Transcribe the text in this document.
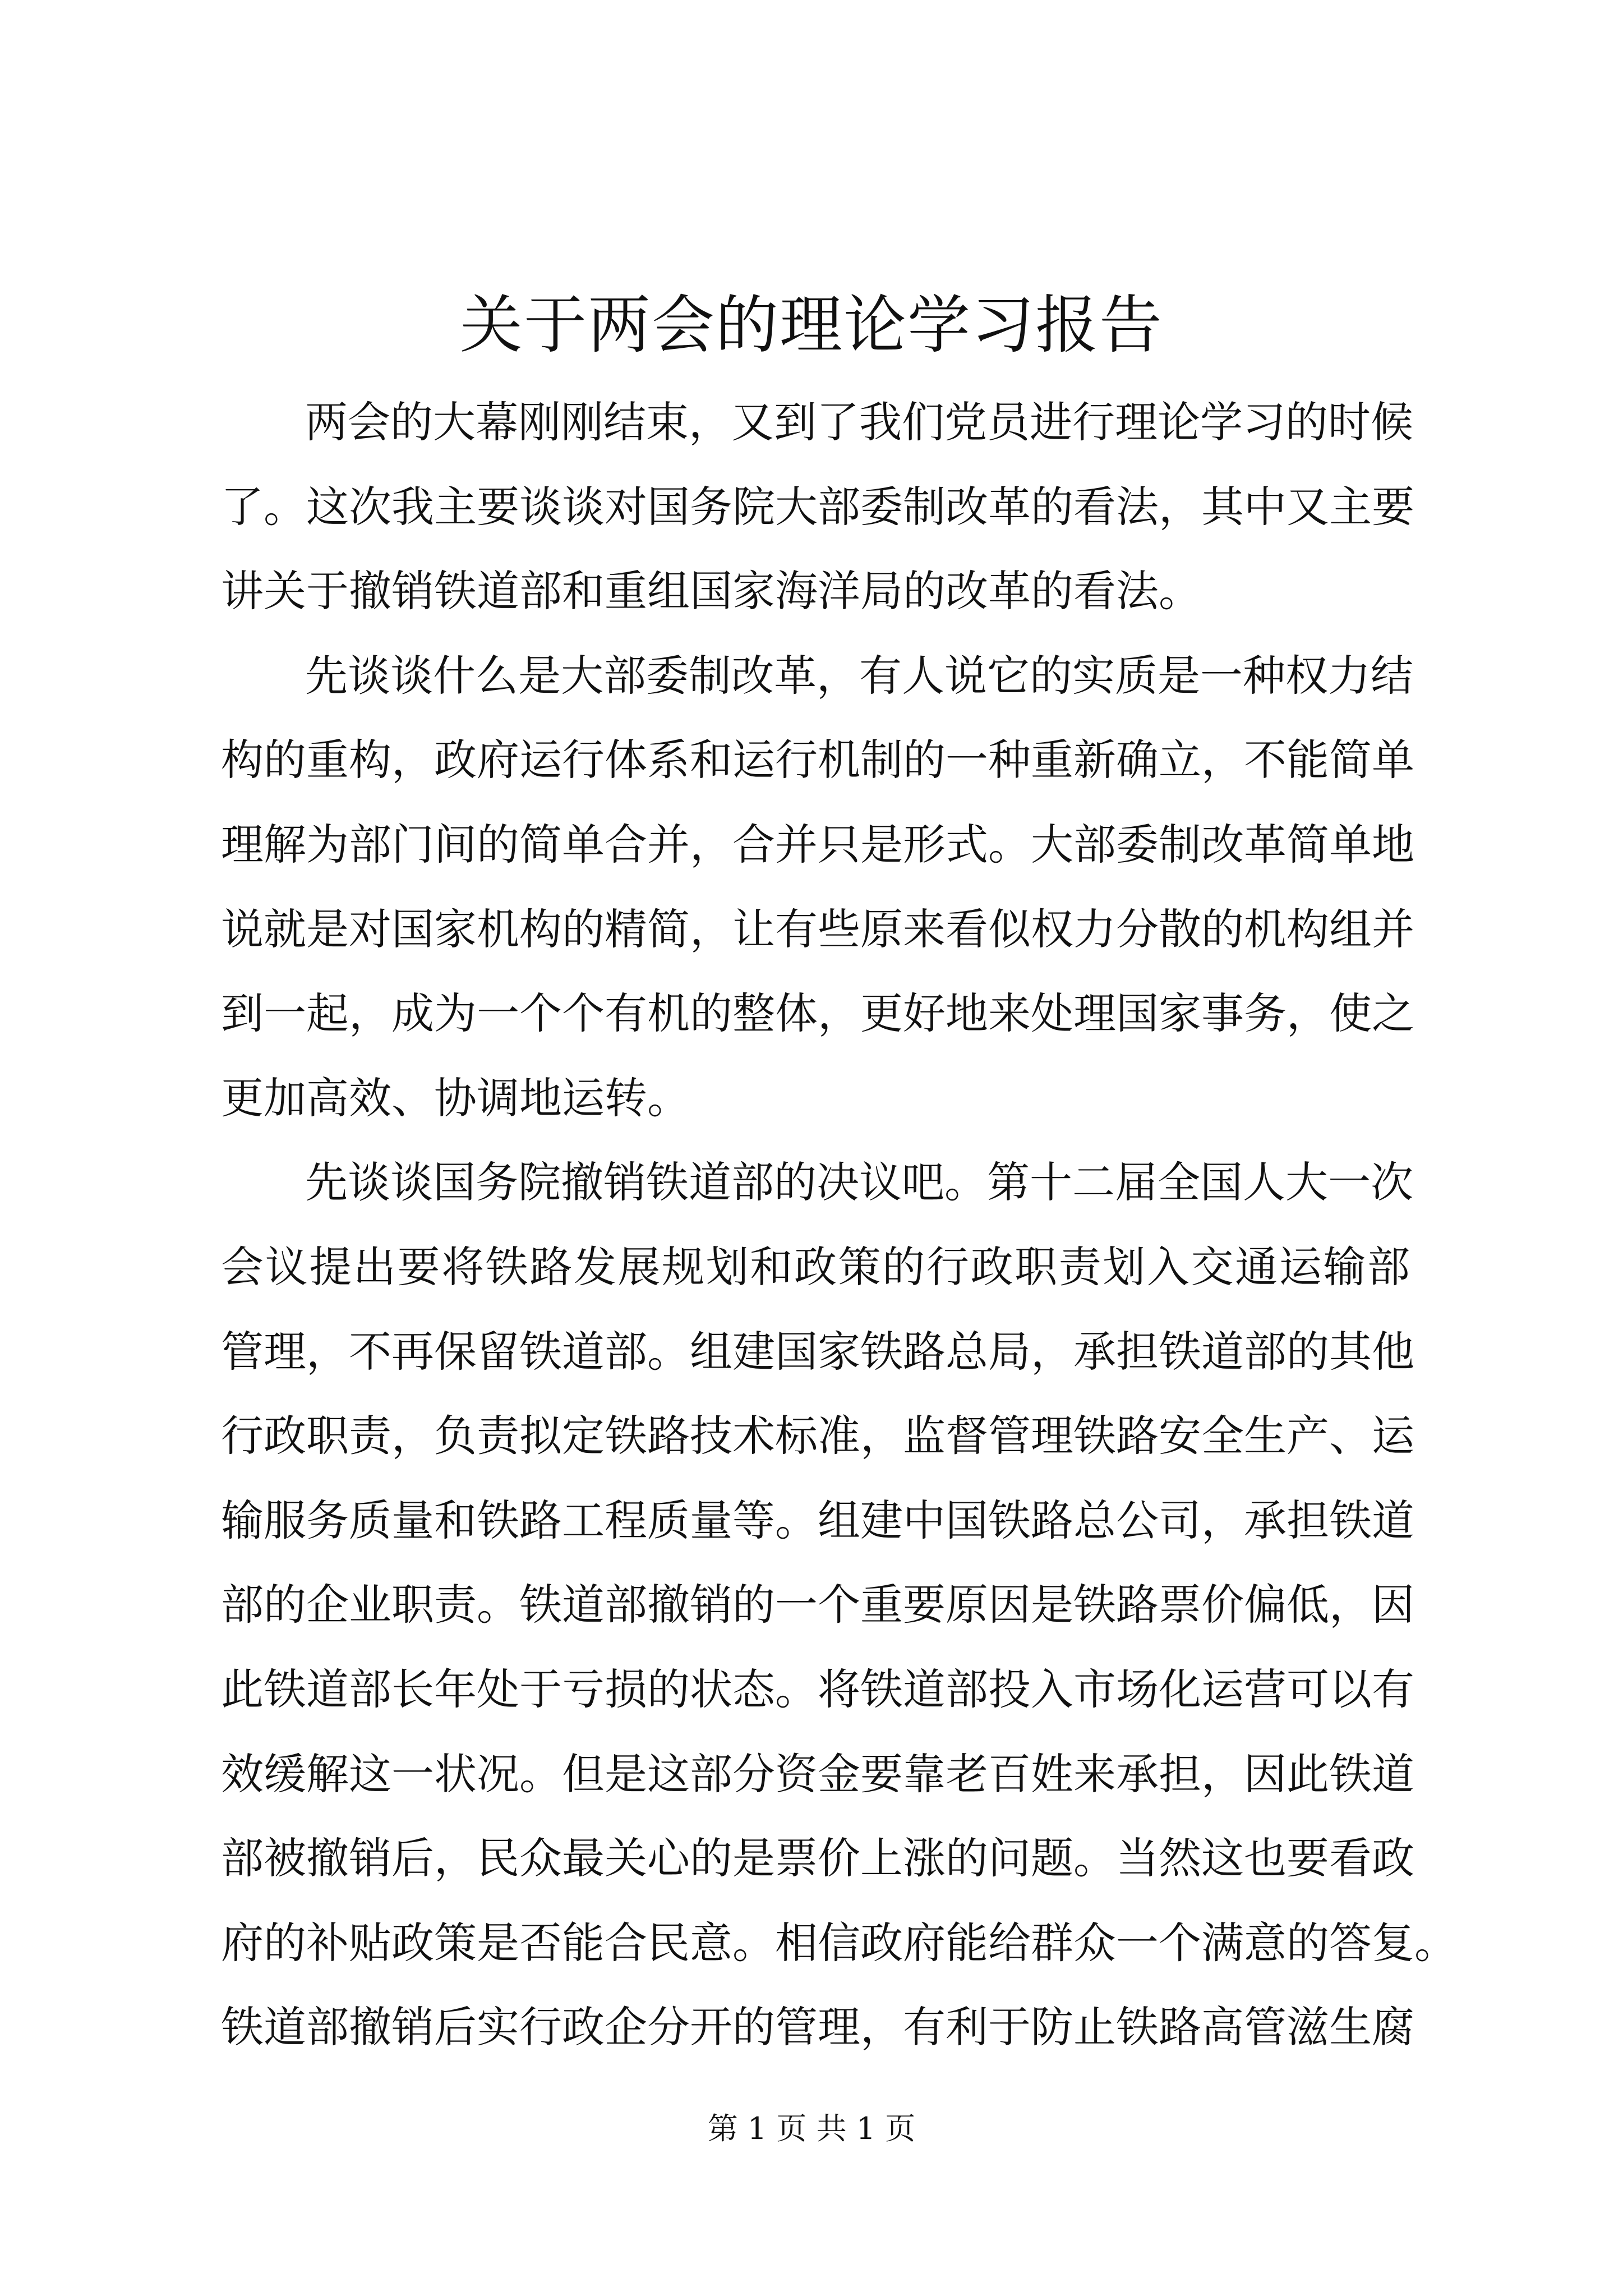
关于两会的理论学习报告
两会的大幕刚刚结束，又到了我们党员进行理论学习的时候
了。这次我主要谈谈对国务院大部委制改革的看法，其中又主要
讲关于撤销铁道部和重组国家海洋局的改革的看法。
先谈谈什么是大部委制改革，有人说它的实质是一种权力结
构的重构，政府运行体系和运行机制的一种重新确立，不能简单
理解为部门间的简单合并，合并只是形式。大部委制改革简单地
说就是对国家机构的精简，让有些原来看似权力分散的机构组并
到一起，成为一个个有机的整体，更好地来处理国家事务，使之
更加高效、协调地运转。
先谈谈国务院撤销铁道部的决议吧。第十二届全国人大一次
会议提出要将铁路发展规划和政策的行政职责划入交通运输部
管理，不再保留铁道部。组建国家铁路总局，承担铁道部的其他
行政职责，负责拟定铁路技术标准，监督管理铁路安全生产、运
输服务质量和铁路工程质量等。组建中国铁路总公司，承担铁道
部的企业职责。铁道部撤销的一个重要原因是铁路票价偏低，因
此铁道部长年处于亏损的状态。将铁道部投入市场化运营可以有
效缓解这一状况。但是这部分资金要靠老百姓来承担，因此铁道
部被撤销后，民众最关心的是票价上涨的问题。当然这也要看政
府的补贴政策是否能合民意。相信政府能给群众一个满意的答复。
铁道部撤销后实行政企分开的管理，有利于防止铁路高管滋生腐
第 1 页 共 1 页
